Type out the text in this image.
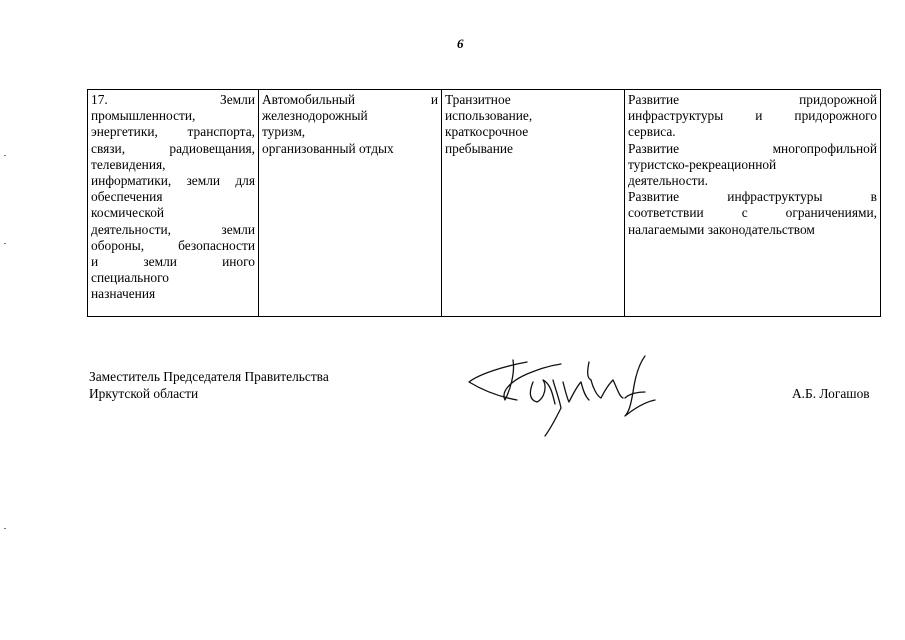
6
17. Земли
промышленности,
энергетики, транспорта,
связи, радиовещания,
телевидения,
информатики, земли для
обеспечения
космической
деятельности, земли
обороны, безопасности
и земли иного
специального
назначения

Автомобильный и
железнодорожный
туризм,
организованный отдых

Транзитное
использование,
краткосрочное
пребывание

Развитие придорожной
инфраструктуры и придорожного
сервиса.
Развитие многопрофильной
туристско-рекреационной
деятельности.
Развитие инфраструктуры в
соответствии с ограничениями,
налагаемыми законодательством
Заместитель Председателя Правительства
Иркутской области	А.Б. Логашов
